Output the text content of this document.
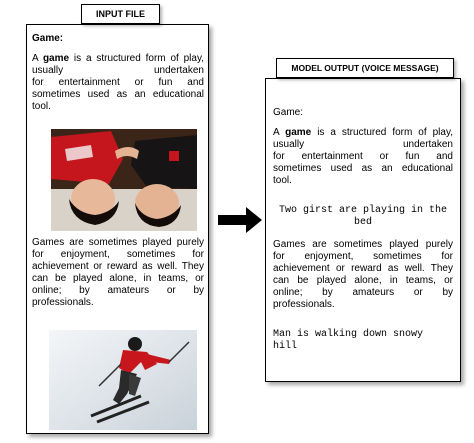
Game:
A game is a structured form of play,
usually undertaken
for entertainment or fun and
sometimes used as an educational
tool.
Games are sometimes played purely
for enjoyment, sometimes for
achievement or reward as well. They
can be played alone, in teams, or
online; by amateurs or by
professionals.
INPUT FILE
Game:
A game is a structured form of play,
usually undertaken
for entertainment or fun and
sometimes used as an educational
tool.
Two girst are playing in the
bed
Games are sometimes played purely
for enjoyment, sometimes for
achievement or reward as well. They
can be played alone, in teams, or
online; by amateurs or by
professionals.
Man is walking down snowy hill
MODEL OUTPUT (VOICE MESSAGE)
